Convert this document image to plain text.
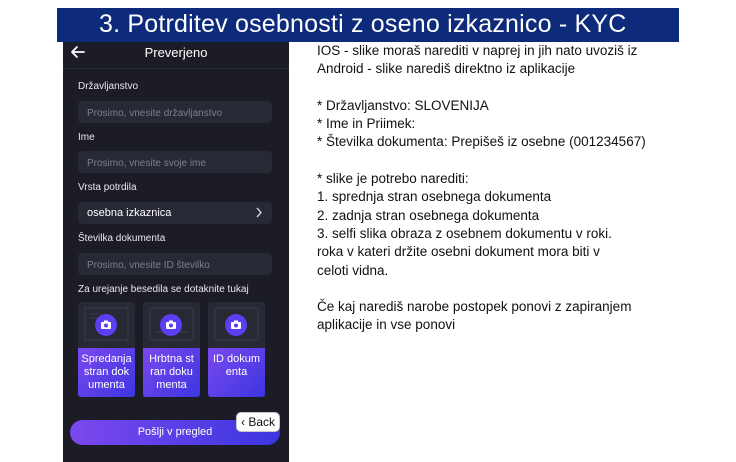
3. Potrditev osebnosti z oseno izkaznico - KYC
Preverjeno
Državljanstvo
Prosimo, vnesite državljanstvo
Ime
Prosimo, vnesite svoje ime
Vrsta potrdila
osebna izkaznica
Številka dokumenta
Prosimo, vnesite ID številko
Za urejanje besedila se dotaknite tukaj
Spredanja
stran dok
umenta
Hrbtna st
ran doku
menta
ID dokum
enta
Pošlji v pregled
‹ Back
IOS - slike moraš narediti v naprej in jih nato uvoziš iz
Android - slike narediš direktno iz aplikacije
* Državljanstvo: SLOVENIJA
* Ime in Priimek:
* Številka dokumenta: Prepišeš iz osebne (001234567)
* slike je potrebo narediti:
1. sprednja stran osebnega dokumenta
2. zadnja stran osebnega dokumenta
3. selfi slika obraza z osebnem dokumentu v roki.
roka v kateri držite osebni dokument mora biti v
celoti vidna.
Če kaj narediš narobe postopek ponovi z zapiranjem
aplikacije in vse ponovi
